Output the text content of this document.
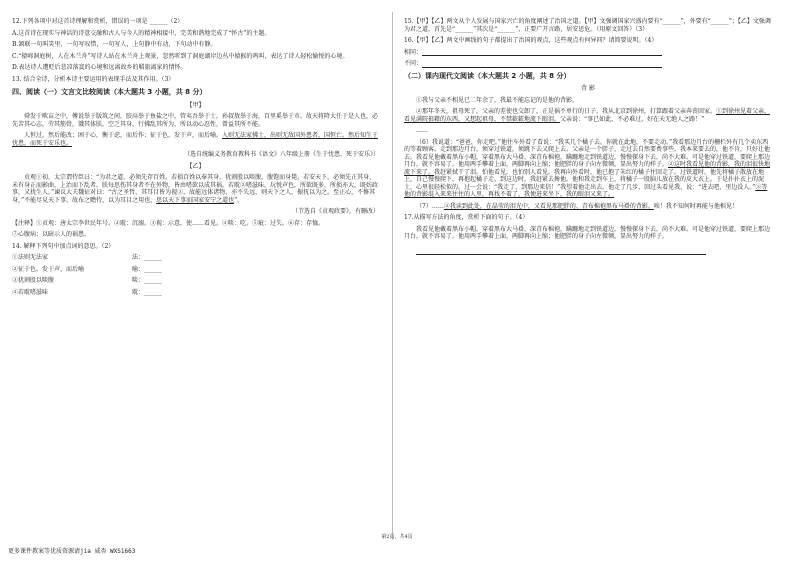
12.下列各项中对这首诗理解和赏析，错误的一项是 ______（2）

A.这首诗在现实与神话的诗意交融和古人与今人的精神相接中，完美和谐地完成了“怀古”的主题。

B.颔联一句叫笑里，一句写叹惜，一句写人，上句静中有动，下句动中有静。

C.“猿啼洞庭树，人在木兰舟”写诗人站在木兰舟上观景，忽然听到了洞庭湖岸边丛中猿猴的鸣叫，表达了诗人轻松愉悦的心境。

D.表达诗人遭贬后悲凉落寞的心境和远离故乡的羁旅离家的情怀。

13. 结合全诗，分析本诗主要运用的表现手法及其作用。（3）

四、阅读（一）文言文比较阅读（本大题共 3 小题，共 8 分）

【甲】

舜发于畎亩之中，傅说举于版筑之间，胶鬲举于鱼盐之中，管夷吾举于士，孙叔敖举于海，百里奚举于市。故天将降大任于是人也，必先苦其心志，劳其筋骨，饿其体肤，空乏其身，行拂乱其所为，所以动心忍性，曾益其所不能。

人恒过，然后能改；困于心，衡于虑，而后作；征于色，发于声，而后喻。入则无法家拂士，出则无敌国外患者，国恒亡。然后知生于忧患，而死于安乐也。

（选自统编义务教育教科书《语文》八年级上册《生于忧患，死于安乐》）

【乙】

贞观①初，太宗谓侍臣曰：“为君之道，必须先存百姓。若损百姓以奉其身，犹割股以啖腹，腹饱而身毙。若安天下，必须先正其身，未有身正而影曲，上治而下乱者。朕每思伤其身者不在外物，皆由嗜欲以成其祸。若耽②嗜滋味，玩悦声色，所欲既多，所损亦大，既妨政事，又扰生人。”谏议大夫魏征对曰：“古之圣哲，其耳目皆为视③，故能远体诸物，亦不失远，则天下之人，振抚以为之。至正心，不修其身，”不能尽見天下事，故布之瞻侍，以为耳目之用也，思以天下事而国家安宁之道也”。

（节选自《贞观政要》，有删改）

【注释】①贞观：唐太宗李世民年号。②耽：沉溺。③视：示意，使……看见。④啖：吃。⑤疵：过失。⑥存：存恤。

⑦心腹病：以暗示人的祸患。

14. 解释下列句中加点词的意思。（2）

①法则无法家	法：______
②征于色，发于声，而后喻	喻：______
③犹割股以啖腹	啖：______
④若耽嗜滋味	耽：______

15.【甲】【乙】两文从个人发展与国家兴亡的角度阐述了治国之道。【甲】文强调国家兴盛内要有“______”，外要有“______”；【乙】文强调为君之道，首先是“______”其次是“______”，正要广开言路，居安思危。（用原文回答）（3）

16.【甲】【乙】两文中画线的句子都提出了治国的观点，这些观点有何异同？请简要说明。（4）

相同：

不同：

（二）课内现代文阅读（本大题共 2 小题，共 8 分）

背 影

①我与父亲不相见已二年余了，我最不能忘记的是他的背影。

②那年冬天，祖母死了，父亲的差使也交卸了，正是祸不单行的日子。我从北京到徐州，打算跟着父亲奔丧回家。①到徐州见着父亲，看见满院狼藉的东西，又想起祖母，不禁簌簌地流下眼泪。父亲说：“事已如此，不必难过，好在天无绝人之路！”

……

（6）我说道：“爸爸，你走吧。”他往车外看了看说：“我买几个橘子去。你就在此地，不要走动。”我看那边月台的栅栏外有几个卖东西的等着顾客。走到那边月台，须穿过铁道，须跳下去又爬上去。父亲是一个胖子，走过去自然要费事些。我本来要去的，他不肯，只好让他去。我看见他戴着黑布小帽，穿着黑布大马褂，深青布棉袍，蹒跚地走到铁道边，慢慢探身下去，尚不大难。可是他穿过铁道，要爬上那边月台，就不容易了。他用两手攀着上面，两脚再向上缩；他肥胖的身子向左微倾，显出努力的样子。②这时我看见他的背影，我的泪很快地流下来了。我赶紧拭干了泪。怕他看见，也怕别人看见。我再向外看时，他已抱了朱红的橘子往回走了。过铁道时，他先将橘子散放在地上，自己慢慢爬下，再抱起橘子走。到这边时，我赶紧去搀他。他和我走到车上，将橘子一股脑儿放在我的皮大衣上。于是扑扑衣上的泥土，心里很轻松似的。过一会说：“我走了，到那边来信！”我望着他走出去。他走了几步，回过头看见我，说：“进去吧，里边没人。”③等他的背影混入来来往往的人里，再找不着了，我便进来坐下，我的眼泪又来了。

（7）……④我读到此处，在晶莹的泪光中，又看见那肥胖的、青布棉袍黑布马褂的背影。唉！我不知何时再能与他相见！

17.从描写方法的角度，赏析下面的句子。（4）

我看见他戴着黑布小帽，穿着黑布大马褂，深青布棉袍，蹒跚地走到铁道边，慢慢探身下去，尚不大难。可是他穿过铁道，要爬上那边月台，就不容易了。他用两手攀着上面，两脚再向上缩；他肥胖的身子向左微倾，显出努力的样子。

第2页，共4页
更多课件教案等优质资源请jia 威杏 WXS1663
